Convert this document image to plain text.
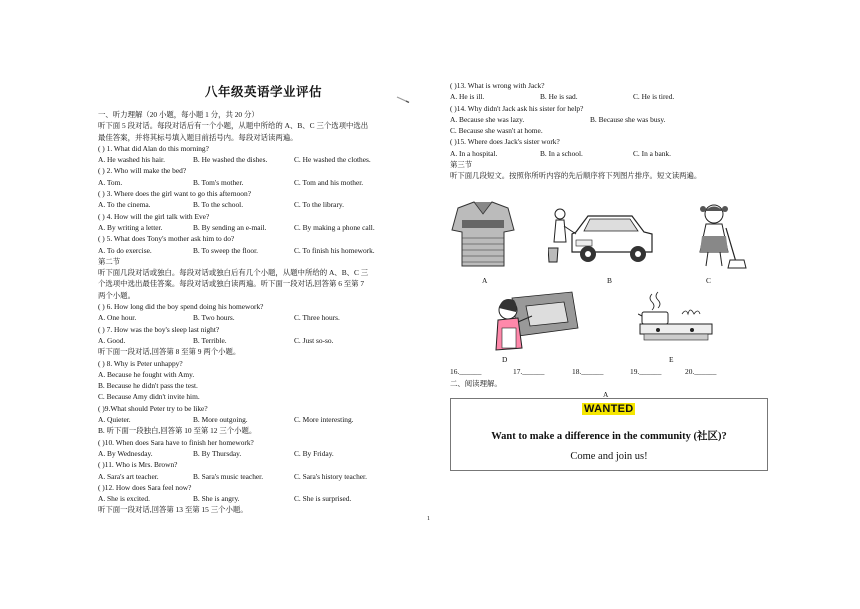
八年级英语学业评估
一、听力理解（20 小题，每小题 1 分，共 20 分）
听下面 5 段对话。每段对话后有一个小题，从题中所给的 A、B、C 三个选项中选出
最佳答案，并将其标号填入题目前括号内。每段对话读两遍。
( ) 1. What did Alan do this morning?
A. He washed his hair.	B. He washed the dishes.	C. He washed the clothes.
( ) 2. Who will make the bed?
A. Tom.	B. Tom's mother.	C. Tom and his mother.
( ) 3. Where does the girl want to go this afternoon?
A. To the cinema.	B. To the school.	C. To the library.
( ) 4. How will the girl talk with Eve?
A. By writing a letter.	B. By sending an e-mail.	C. By making a phone call.
( ) 5. What does Tony's mother ask him to do?
A. To do exercise.	B. To sweep the floor.	C. To finish his homework.
第二节
听下面几段对话或独白。每段对话或独白后有几个小题，从题中所给的 A、B、C 三
个选项中选出最佳答案。每段对话或独白读两遍。听下面一段对话,回答第 6 至第 7
两个小题。
( ) 6. How long did the boy spend doing his homework?
A. One hour.	B. Two hours.	C. Three hours.
( ) 7. How was the boy's sleep last night?
A. Good.	B. Terrible.	C. Just so-so.
听下面一段对话,回答第 8 至第 9 两个小题。
( ) 8. Why is Peter unhappy?
A. Because he fought with Amy.
B. Because he didn't pass the test.
C. Because Amy didn't invite him.
( )9.What should Peter try to be like?
A. Quieter.	B. More outgoing.	C. More interesting.
B. 听下面一段独白,回答第 10 至第 12 三个小题。
( )10. When does Sara have to finish her homework?
A. By Wednesday.	B. By Thursday.	C. By Friday.
( )11. Who is Mrs. Brown?
A. Sara's art teacher.	B. Sara's music teacher.	C. Sara's history teacher.
( )12. How does Sara feel now?
A. She is excited.	B. She is angry.	C. She is surprised.
听下面一段对话,回答第 13 至第 15 三个小题。
( )13. What is wrong with Jack?
A. He is ill.	B. He is sad.	C. He is tired.
( )14. Why didn't Jack ask his sister for help?
A. Because she was lazy.	B. Because she was busy.
C. Because she wasn't at home.
( )15. Where does Jack's sister work?
A. In a hospital.	B. In a school.	C. In a bank.
第三节
听下面几段短文。按照你所听内容的先后顺序将下列图片排序。短文读两遍。
A	B	C
D	E
16.______	17.______	18.______	19.______	20.______
二、阅读理解。
A
WANTED
Want to make a difference in the community (社区)?
Come and join us!
1
